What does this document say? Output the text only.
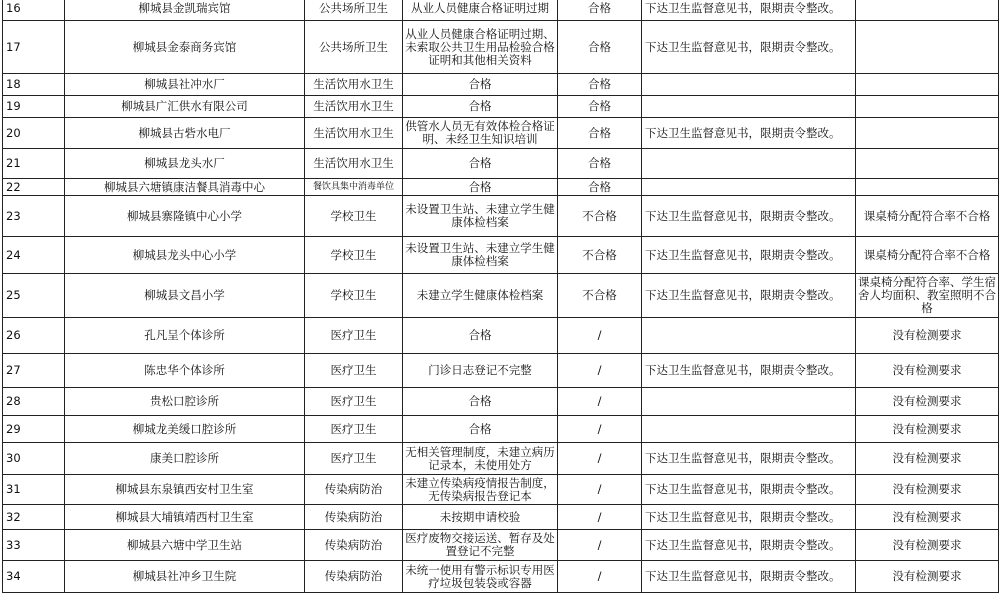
16	柳城县金凯瑞宾馆	公共场所卫生	从业人员健康合格证明过期	合格	下达卫生监督意见书，限期责令整改。	
17	柳城县金泰商务宾馆	公共场所卫生	从业人员健康合格证明过期、未索取公共卫生用品检验合格证明和其他相关资料	合格	下达卫生监督意见书，限期责令整改。	
18	柳城县社冲水厂	生活饮用水卫生	合格	合格		
19	柳城县广汇供水有限公司	生活饮用水卫生	合格	合格		
20	柳城县古砦水电厂	生活饮用水卫生	供管水人员无有效体检合格证明、未经卫生知识培训	合格	下达卫生监督意见书，限期责令整改。	
21	柳城县龙头水厂	生活饮用水卫生	合格	合格		
22	柳城县六塘镇康洁餐具消毒中心	餐饮具集中消毒单位	合格	合格		
23	柳城县寨隆镇中心小学	学校卫生	未设置卫生站、未建立学生健康体检档案	不合格	下达卫生监督意见书，限期责令整改。	课桌椅分配符合率不合格
24	柳城县龙头中心小学	学校卫生	未设置卫生站、未建立学生健康体检档案	不合格	下达卫生监督意见书，限期责令整改。	课桌椅分配符合率不合格
25	柳城县文昌小学	学校卫生	未建立学生健康体检档案	不合格	下达卫生监督意见书，限期责令整改。	课桌椅分配符合率、学生宿舍人均面积、教室照明不合格
26	孔凡呈个体诊所	医疗卫生	合格	/		没有检测要求
27	陈忠华个体诊所	医疗卫生	门诊日志登记不完整	/	下达卫生监督意见书，限期责令整改。	没有检测要求
28	贵松口腔诊所	医疗卫生	合格	/		没有检测要求
29	柳城龙美缓口腔诊所	医疗卫生	合格	/		没有检测要求
30	康美口腔诊所	医疗卫生	无相关管理制度，未建立病历记录本，未使用处方	/	下达卫生监督意见书，限期责令整改。	没有检测要求
31	柳城县东泉镇西安村卫生室	传染病防治	未建立传染病疫情报告制度，无传染病报告登记本	/	下达卫生监督意见书，限期责令整改。	没有检测要求
32	柳城县大埔镇靖西村卫生室	传染病防治	未按期申请校验	/	下达卫生监督意见书，限期责令整改。	没有检测要求
33	柳城县六塘中学卫生站	传染病防治	医疗废物交接运送、暂存及处置登记不完整	/	下达卫生监督意见书，限期责令整改。	没有检测要求
34	柳城县社冲乡卫生院	传染病防治	未统一使用有警示标识专用医疗垃圾包装袋或容器	/	下达卫生监督意见书，限期责令整改。	没有检测要求
